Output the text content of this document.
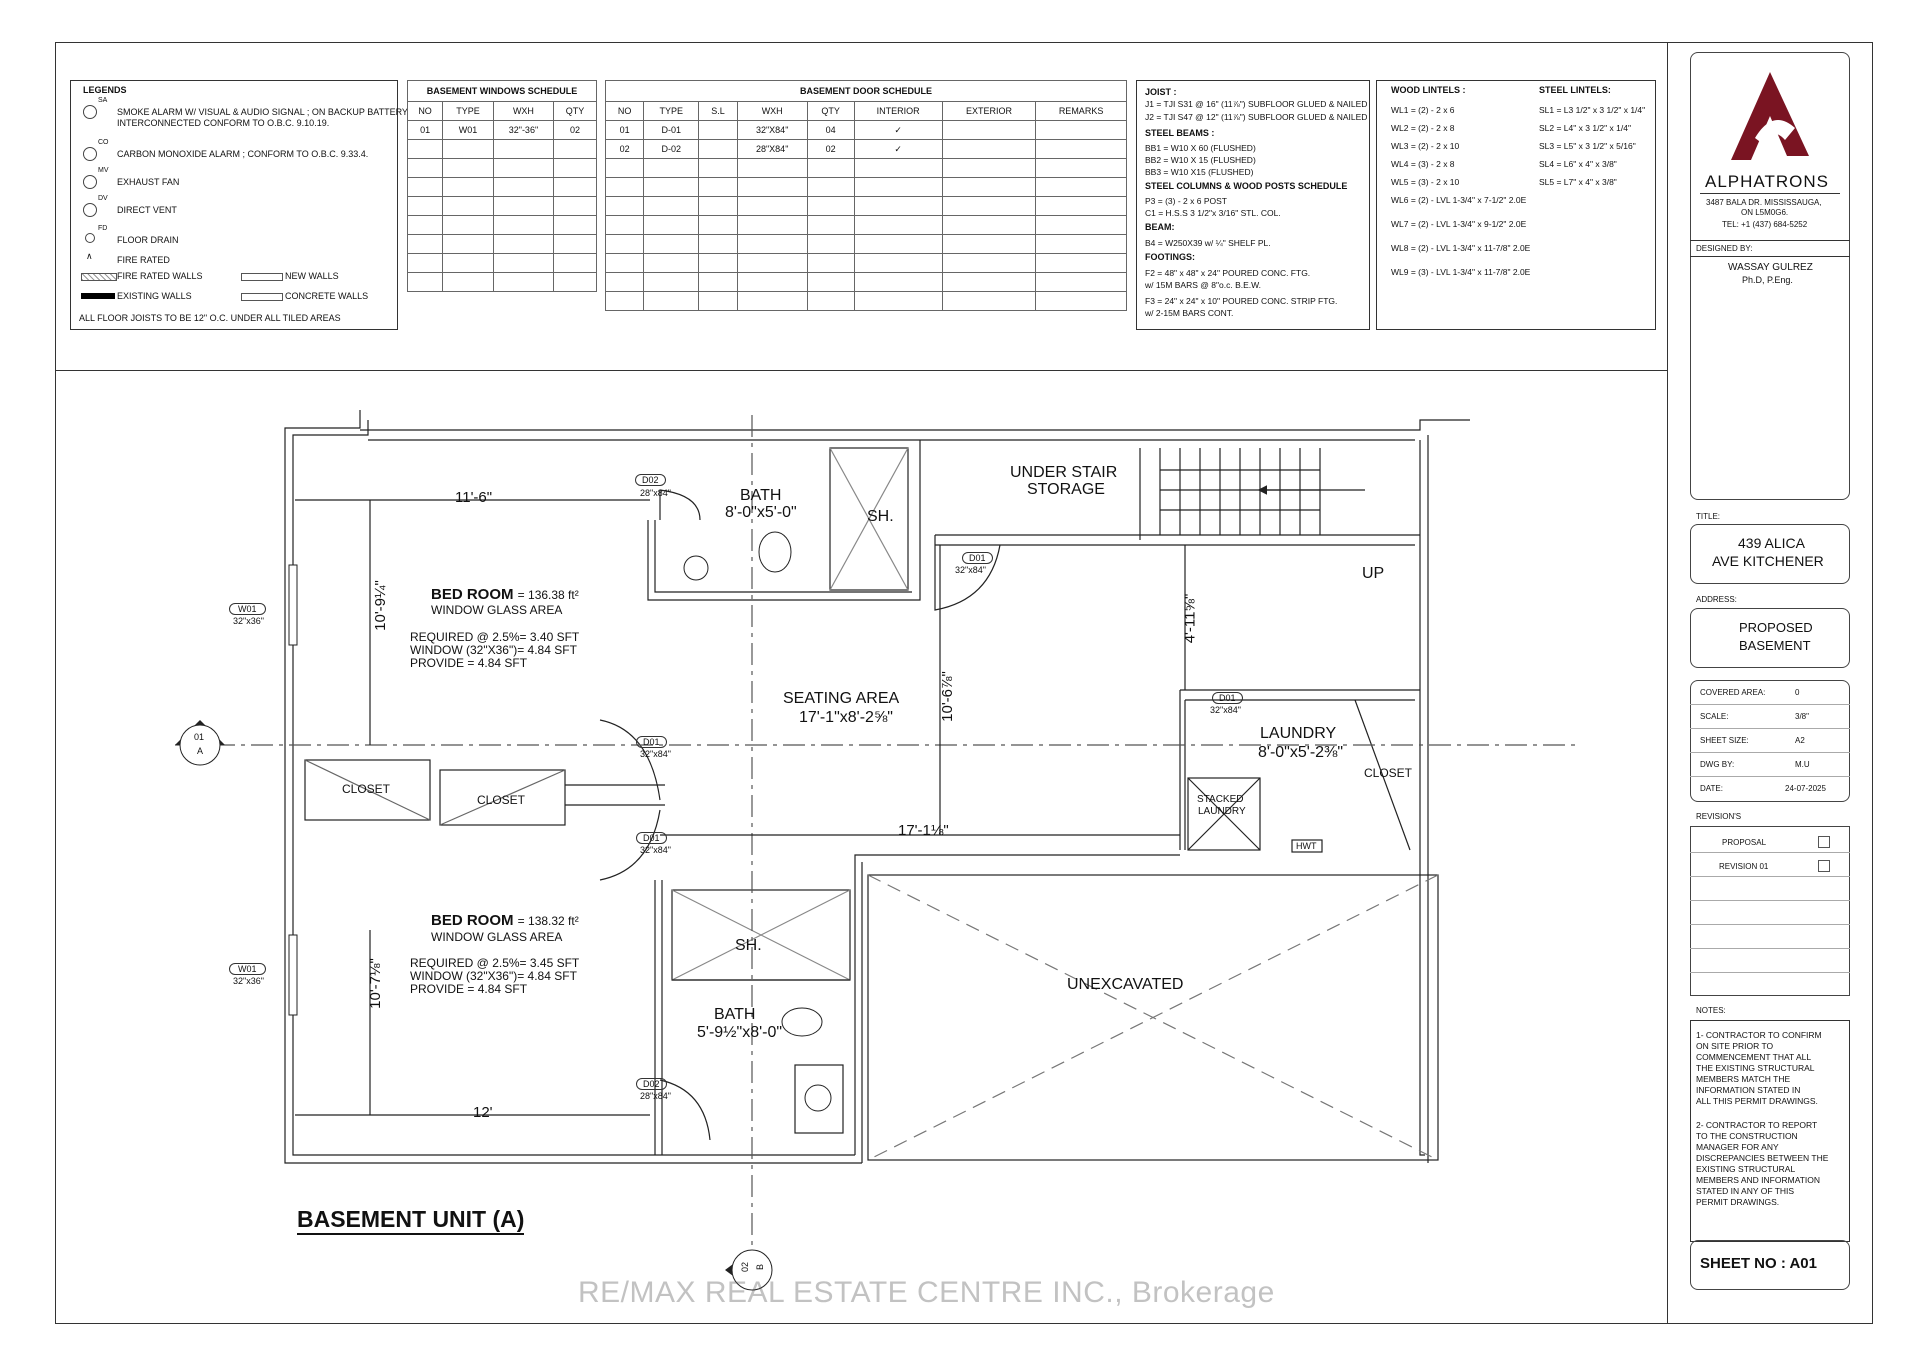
LEGENDS
SA
SMOKE ALARM W/ VISUAL & AUDIO SIGNAL ; ON BACKUP BATTERY
INTERCONNECTED CONFORM TO O.B.C. 9.10.19.
CO
CARBON MONOXIDE ALARM ; CONFORM TO O.B.C. 9.33.4.
MV
EXHAUST FAN
DV
DIRECT VENT
FD
FLOOR DRAIN
∧	FIRE RATED
FIRE RATED WALLS	NEW WALLS
EXISTING WALLS	CONCRETE WALLS
ALL FLOOR JOISTS TO BE 12" O.C. UNDER ALL TILED AREAS
BASEMENT WINDOWS SCHEDULE			
NO	TYPE	WXH	QTY
01	W01	32"-36"	02

BASEMENT DOOR SCHEDULE							
NO	TYPE	S.L	WXH	QTY	INTERIOR	EXTERIOR	REMARKS
01	D-01		32"X84"	04	✓		
02	D-02		28"X84"	02	✓		

JOIST :
J1 = TJI S31 @ 16" (11⅞") SUBFLOOR GLUED & NAILED
J2 = TJI S47 @ 12" (11⅞") SUBFLOOR GLUED & NAILED
STEEL BEAMS :
BB1 = W10 X 60 (FLUSHED)
BB2 = W10 X 15 (FLUSHED)
BB3 = W10 X15 (FLUSHED)
STEEL COLUMNS & WOOD POSTS SCHEDULE
P3 = (3) - 2 x 6 POST
C1 = H.S.S 3 1/2"x 3/16" STL. COL.
BEAM:
B4 = W250X39 w/ ¼" SHELF PL.
FOOTINGS:
F2 = 48" x 48" x 24" POURED CONC. FTG.
w/ 15M BARS @ 8"o.c. B.E.W.
F3 = 24" x 24" x 10" POURED CONC. STRIP FTG.
w/ 2-15M BARS CONT.
WOOD LINTELS :	STEEL LINTELS:
WL1 = (2) - 2 x 6
WL2 = (2) - 2 x 8
WL3 = (2) - 2 x 10
WL4 = (3) - 2 x 8
WL5 = (3) - 2 x 10
WL6 = (2) - LVL 1-3/4" x 7-1/2" 2.0E
WL7 = (2) - LVL 1-3/4" x 9-1/2" 2.0E
WL8 = (2) - LVL 1-3/4" x 11-7/8" 2.0E
WL9 = (3) - LVL 1-3/4" x 11-7/8" 2.0E
SL1 = L3 1/2" x 3 1/2" x 1/4"
SL2 = L4" x 3 1/2" x 1/4"
SL3 = L5" x 3 1/2" x 5/16"
SL4 = L6" x 4" x 3/8"
SL5 = L7" x 4" x 3/8"	ALPHATRONS
3487 BALA DR. MISSISSAUGA,
ON L5M0G6.
TEL: +1 (437) 684-5252
DESIGNED BY:
WASSAY GULREZ
Ph.D, P.Eng.
TITLE:
439 ALICA
AVE KITCHENER
ADDRESS:
PROPOSED
BASEMENT
COVERED AREA:	0
SCALE:	3/8"
SHEET SIZE:	A2
DWG BY:	M.U
DATE:	24-07-2025
REVISION'S
PROPOSAL
REVISION 01
NOTES:
1- CONTRACTOR TO CONFIRM
ON SITE PRIOR TO
COMMENCEMENT THAT ALL
THE EXISTING STRUCTURAL
MEMBERS MATCH THE
INFORMATION STATED IN
ALL THIS PERMIT DRAWINGS.
2- CONTRACTOR TO REPORT
TO THE CONSTRUCTION
MANAGER FOR ANY
DISCREPANCIES BETWEEN THE
EXISTING STRUCTURAL
MEMBERS AND INFORMATION
STATED IN ANY OF THIS
PERMIT DRAWINGS.
SHEET NO : A01
BED ROOM = 136.38 ft²
WINDOW GLASS AREA
REQUIRED @ 2.5%= 3.40 SFT
WINDOW (32"X36")= 4.84 SFT
PROVIDE = 4.84 SFT
BED ROOM = 138.32 ft²
WINDOW GLASS AREA
REQUIRED @ 2.5%= 3.45 SFT
WINDOW (32"X36")= 4.84 SFT
PROVIDE = 4.84 SFT
BATH
8'-0"x5'-0"	SH.
UNDER STAIR
STORAGE
UP
SEATING AREA
17'-1"x8'-2⅝"
LAUNDRY
8'-0"x5'-2⅜"
STACKED
LAUNDRY
HWT
CLOSET
CLOSET
CLOSET
SH.
BATH
5'-9½"x8'-0"
UNEXCAVATED
11'-6"
10'-9¼"
10'-7⅛"
12'
17'-1⅛"
10'-6⅞"
4'-11⅝"
D02
28"x84"
D01
32"x84"
D01
32"x84"
D01
32"x84"
D01
32"x84"
D02
28"x84"
W01
32"x36"
W01
32"x36"
01
A
02 B
BASEMENT UNIT (A)
RE/MAX REAL ESTATE CENTRE INC., Brokerage
